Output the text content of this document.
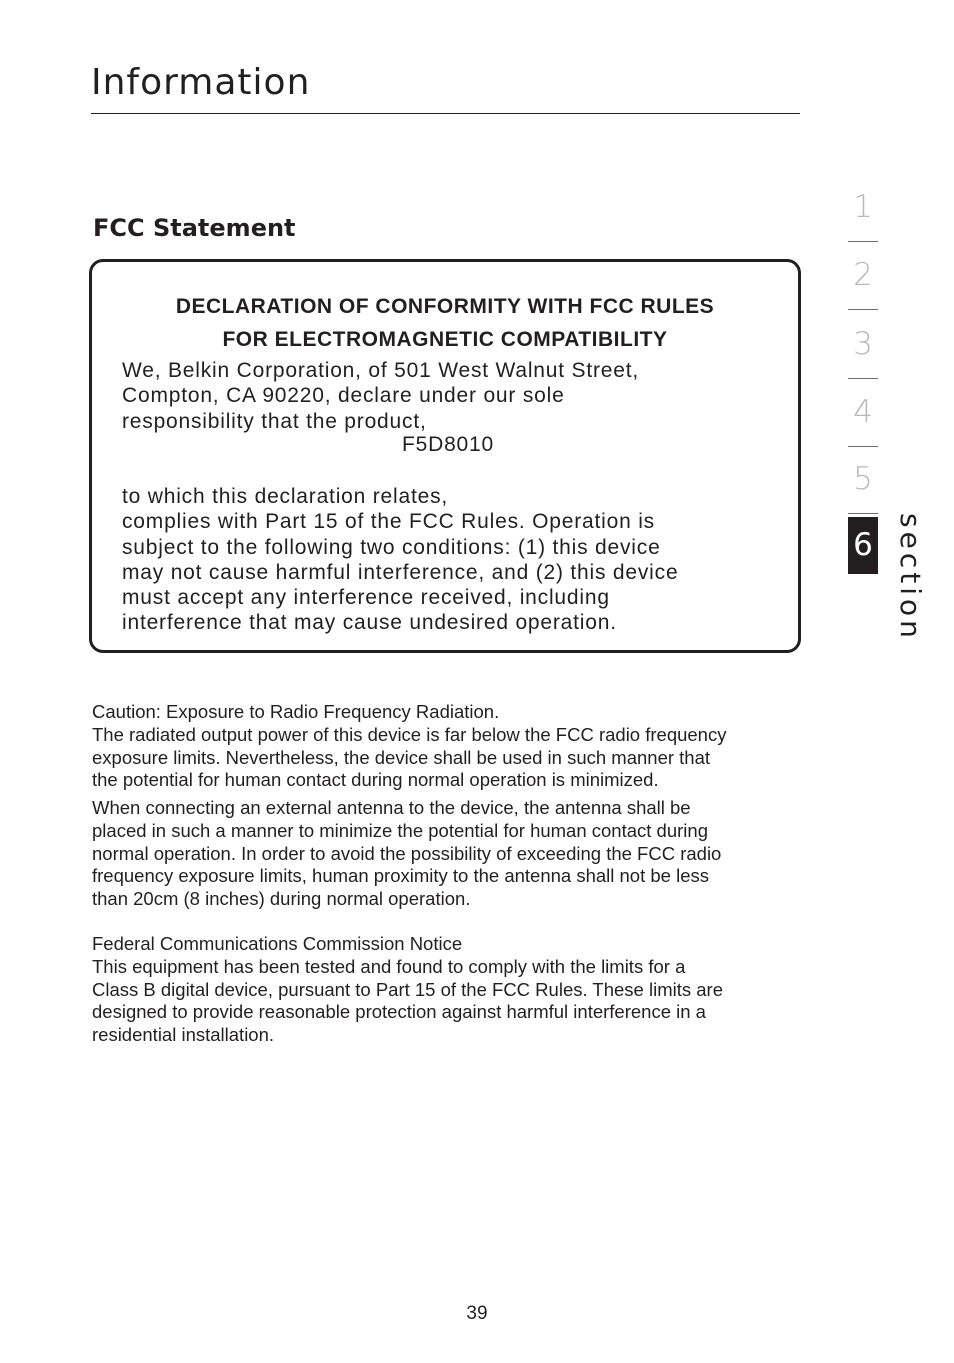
Information
FCC Statement

DECLARATION OF CONFORMITY WITH FCC RULES

FOR ELECTROMAGNETIC COMPATIBILITY

We, Belkin Corporation, of 501 West Walnut Street,
Compton, CA 90220, declare under our sole
responsibility that the product,

F5D8010

to which this declaration relates,
complies with Part 15 of the FCC Rules. Operation is
subject to the following two conditions: (1) this device
may not cause harmful interference, and (2) this device
must accept any interference received, including
interference that may cause undesired operation.
Caution: Exposure to Radio Frequency Radiation.
The radiated output power of this device is far below the FCC radio frequency
exposure limits. Nevertheless, the device shall be used in such manner that
the potential for human contact during normal operation is minimized.
When connecting an external antenna to the device, the antenna shall be
placed in such a manner to minimize the potential for human contact during
normal operation. In order to avoid the possibility of exceeding the FCC radio
frequency exposure limits, human proximity to the antenna shall not be less
than 20cm (8 inches) during normal operation.
Federal Communications Commission Notice
This equipment has been tested and found to comply with the limits for a
Class B digital device, pursuant to Part 15 of the FCC Rules. These limits are
designed to provide reasonable protection against harmful interference in a
residential installation.
1
2
3
4
5
6 section

39
